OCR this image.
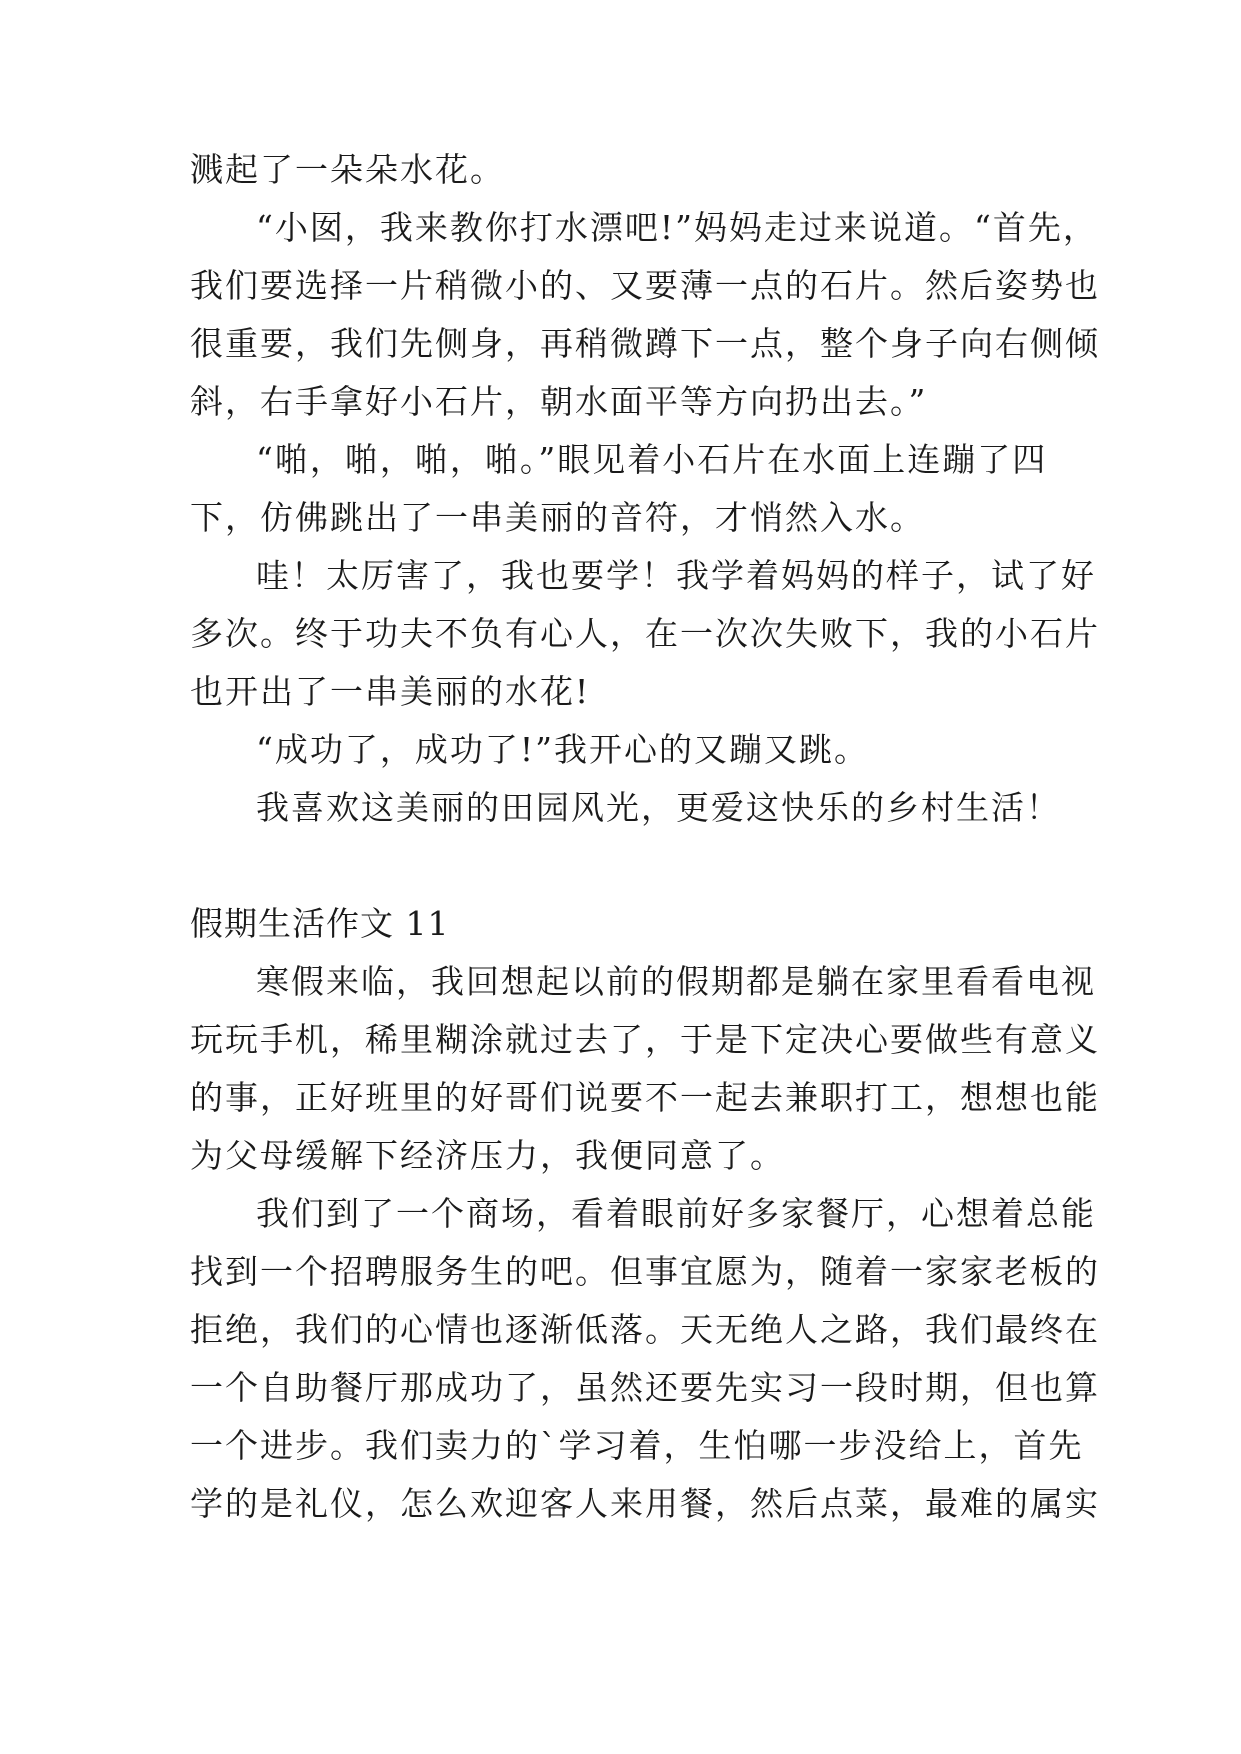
溅起了一朵朵水花。
“小囡，我来教你打水漂吧!”妈妈走过来说道。“首先，
我们要选择一片稍微小的、又要薄一点的石片。然后姿势也
很重要，我们先侧身，再稍微蹲下一点，整个身子向右侧倾
斜，右手拿好小石片，朝水面平等方向扔出去。”
“啪，啪，啪，啪。”眼见着小石片在水面上连蹦了四
下，仿佛跳出了一串美丽的音符，才悄然入水。
哇！太厉害了，我也要学！我学着妈妈的样子，试了好
多次。终于功夫不负有心人，在一次次失败下，我的小石片
也开出了一串美丽的水花!
“成功了，成功了!”我开心的又蹦又跳。
我喜欢这美丽的田园风光，更爱这快乐的乡村生活！
假期生活作文 11
寒假来临，我回想起以前的假期都是躺在家里看看电视
玩玩手机，稀里糊涂就过去了，于是下定决心要做些有意义
的事，正好班里的好哥们说要不一起去兼职打工，想想也能
为父母缓解下经济压力，我便同意了。
我们到了一个商场，看着眼前好多家餐厅，心想着总能
找到一个招聘服务生的吧。但事宜愿为，随着一家家老板的
拒绝，我们的心情也逐渐低落。天无绝人之路，我们最终在
一个自助餐厅那成功了，虽然还要先实习一段时期，但也算
一个进步。我们卖力的`学习着，生怕哪一步没给上，首先
学的是礼仪，怎么欢迎客人来用餐，然后点菜，最难的属实
